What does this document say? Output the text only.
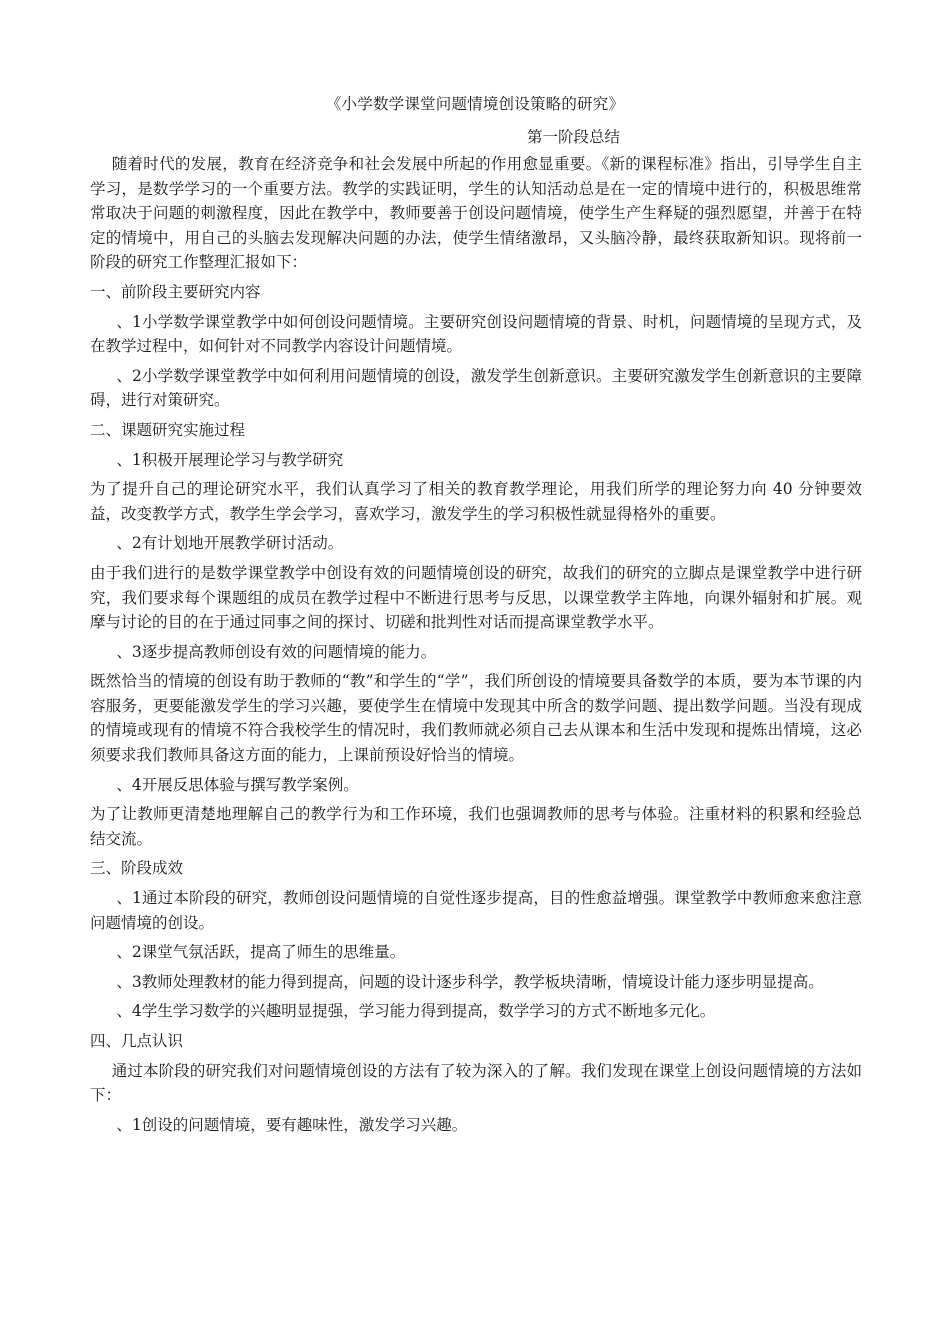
《小学数学课堂问题情境创设策略的研究》
第一阶段总结

随着时代的发展，教育在经济竞争和社会发展中所起的作用愈显重要。《新的课程标准》指出，引导学生自主学习，是数学学习的一个重要方法。教学的实践证明，学生的认知活动总是在一定的情境中进行的，积极思维常常取决于问题的刺激程度，因此在教学中，教师要善于创设问题情境，使学生产生释疑的强烈愿望，并善于在特定的情境中，用自己的头脑去发现解决问题的办法，使学生情绪激昂，又头脑冷静，最终获取新知识。现将前一阶段的研究工作整理汇报如下：

一、前阶段主要研究内容

、1小学数学课堂教学中如何创设问题情境。主要研究创设问题情境的背景、时机，问题情境的呈现方式，及在教学过程中，如何针对不同教学内容设计问题情境。

、2小学数学课堂教学中如何利用问题情境的创设，激发学生创新意识。主要研究激发学生创新意识的主要障碍，进行对策研究。

二、课题研究实施过程

、1积极开展理论学习与教学研究

为了提升自己的理论研究水平，我们认真学习了相关的教育教学理论，用我们所学的理论努力向 40 分钟要效益，改变教学方式，教学生学会学习，喜欢学习，激发学生的学习积极性就显得格外的重要。

、2有计划地开展教学研讨活动。

由于我们进行的是数学课堂教学中创设有效的问题情境创设的研究，故我们的研究的立脚点是课堂教学中进行研究，我们要求每个课题组的成员在教学过程中不断进行思考与反思，以课堂教学主阵地，向课外辐射和扩展。观摩与讨论的目的在于通过同事之间的探讨、切磋和批判性对话而提高课堂教学水平。

、3逐步提高教师创设有效的问题情境的能力。

既然恰当的情境的创设有助于教师的“教”和学生的“学”，我们所创设的情境要具备数学的本质，要为本节课的内容服务，更要能激发学生的学习兴趣，要使学生在情境中发现其中所含的数学问题、提出数学问题。当没有现成的情境或现有的情境不符合我校学生的情况时，我们教师就必须自己去从课本和生活中发现和提炼出情境，这必须要求我们教师具备这方面的能力，上课前预设好恰当的情境。

、4开展反思体验与撰写教学案例。

为了让教师更清楚地理解自己的教学行为和工作环境，我们也强调教师的思考与体验。注重材料的积累和经验总结交流。

三、阶段成效

、1通过本阶段的研究，教师创设问题情境的自觉性逐步提高，目的性愈益增强。课堂教学中教师愈来愈注意问题情境的创设。

、2课堂气氛活跃，提高了师生的思维量。

、3教师处理教材的能力得到提高，问题的设计逐步科学，教学板块清晰，情境设计能力逐步明显提高。

、4学生学习数学的兴趣明显提强，学习能力得到提高，数学学习的方式不断地多元化。

四、几点认识

通过本阶段的研究我们对问题情境创设的方法有了较为深入的了解。我们发现在课堂上创设问题情境的方法如下：

、1创设的问题情境，要有趣味性，激发学习兴趣。
